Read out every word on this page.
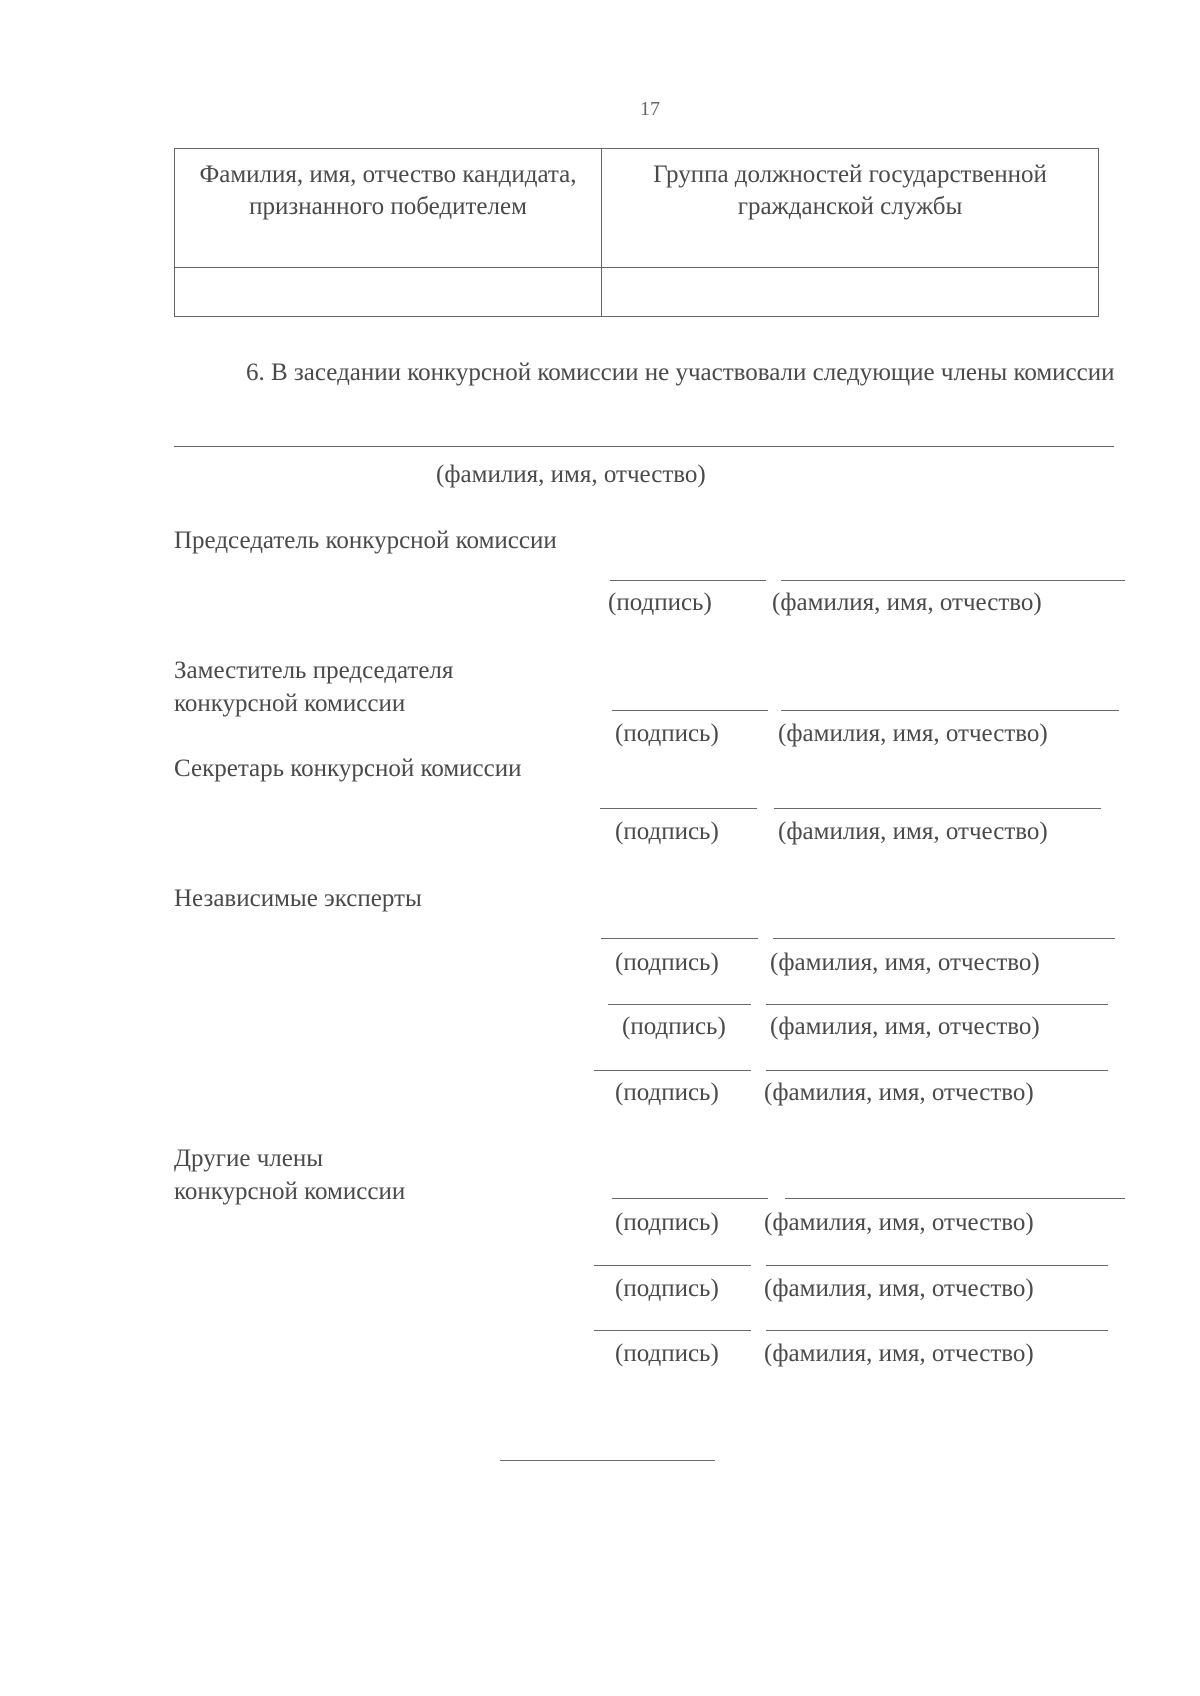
17
Фамилия, имя, отчество кандидата, признанного победителем	Группа должностей государственной гражданской службы

6. В заседании конкурсной комиссии не участвовали следующие члены комиссии
(фамилия, имя, отчество)
Председатель конкурсной комиссии
(подпись) (фамилия, имя, отчество)
Заместитель председателя
конкурсной комиссии
(подпись) (фамилия, имя, отчество)
Секретарь конкурсной комиссии
(подпись) (фамилия, имя, отчество)
Независимые эксперты
(подпись) (фамилия, имя, отчество)
(подпись) (фамилия, имя, отчество)
(подпись) (фамилия, имя, отчество)
Другие члены
конкурсной комиссии
(подпись) (фамилия, имя, отчество)
(подпись) (фамилия, имя, отчество)
(подпись) (фамилия, имя, отчество)
